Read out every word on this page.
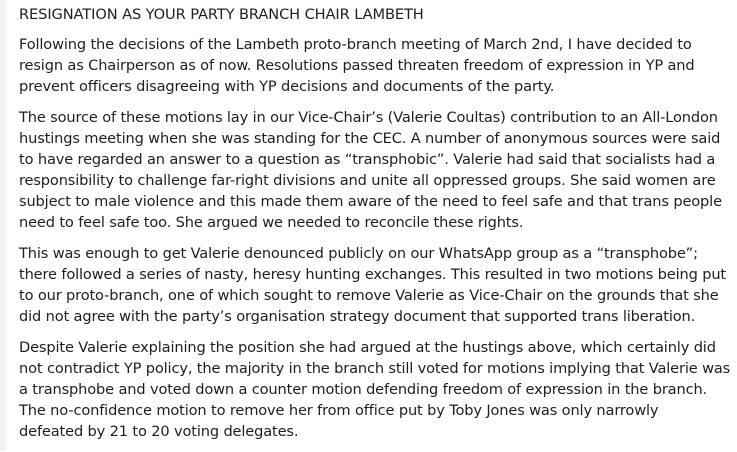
RESIGNATION AS YOUR PARTY BRANCH CHAIR LAMBETH
Following the decisions of the Lambeth proto-branch meeting of March 2nd, I have decided to
resign as Chairperson as of now. Resolutions passed threaten freedom of expression in YP and
prevent officers disagreeing with YP decisions and documents of the party.
The source of these motions lay in our Vice-Chair’s (Valerie Coultas) contribution to an All-London
hustings meeting when she was standing for the CEC. A number of anonymous sources were said
to have regarded an answer to a question as “transphobic”. Valerie had said that socialists had a
responsibility to challenge far-right divisions and unite all oppressed groups. She said women are
subject to male violence and this made them aware of the need to feel safe and that trans people
need to feel safe too. She argued we needed to reconcile these rights.
This was enough to get Valerie denounced publicly on our WhatsApp group as a “transphobe”;
there followed a series of nasty, heresy hunting exchanges. This resulted in two motions being put
to our proto-branch, one of which sought to remove Valerie as Vice-Chair on the grounds that she
did not agree with the party’s organisation strategy document that supported trans liberation.
Despite Valerie explaining the position she had argued at the hustings above, which certainly did
not contradict YP policy, the majority in the branch still voted for motions implying that Valerie was
a transphobe and voted down a counter motion defending freedom of expression in the branch.
The no-confidence motion to remove her from office put by Toby Jones was only narrowly
defeated by 21 to 20 voting delegates.
